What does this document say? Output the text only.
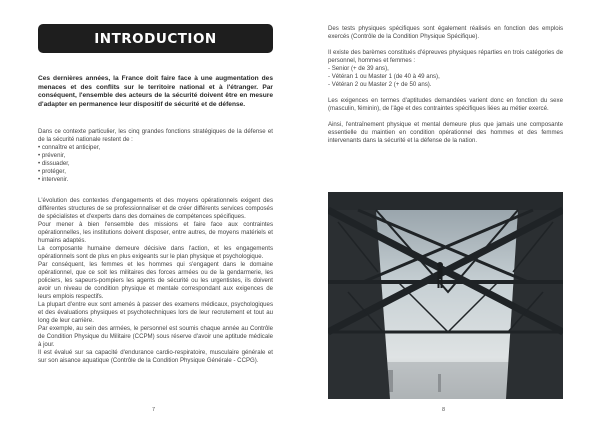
INTRODUCTION

Ces dernières années, la France doit faire face à une augmentation des menaces et des conflits sur le territoire national et à l'étranger. Par conséquent, l'ensemble des acteurs de la sécurité doivent être en mesure d'adapter en permanence leur dispositif de sécurité et de défense.

Dans ce contexte particulier, les cinq grandes fonctions stratégiques de la défense et de la sécurité nationale restent de :

• connaître et anticiper,
• prévenir,
• dissuader,
• protéger,
• intervenir.

L'évolution des contextes d'engagements et des moyens opérationnels exigent des différentes structures de se professionnaliser et de créer différents services composés de spécialistes et d'experts dans des domaines de compétences spécifiques.

Pour mener à bien l'ensemble des missions et faire face aux contraintes opérationnelles, les institutions doivent disposer, entre autres, de moyens matériels et humains adaptés.

La composante humaine demeure décisive dans l'action, et les engagements opérationnels sont de plus en plus exigeants sur le plan physique et psychologique.

Par conséquent, les femmes et les hommes qui s'engagent dans le domaine opérationnel, que ce soit les militaires des forces armées ou de la gendarmerie, les policiers, les sapeurs-pompiers les agents de sécurité ou les urgentistes, ils doivent avoir un niveau de condition physique et mentale correspondant aux exigences de leurs emplois respectifs.

La plupart d'entre eux sont amenés à passer des examens médicaux, psychologiques et des évaluations physiques et psychotechniques lors de leur recrutement et tout au long de leur carrière.

Par exemple, au sein des armées, le personnel est soumis chaque année au Contrôle de Condition Physique du Militaire (CCPM) sous réserve d'avoir une aptitude médicale à jour.

Il est évalué sur sa capacité d'endurance cardio-respiratoire, musculaire générale et sur son aisance aquatique (Contrôle de la Condition Physique Générale - CCPG).

7

Des tests physiques spécifiques sont également réalisés en fonction des emplois exercés (Contrôle de la Condition Physique Spécifique).

Il existe des barèmes constitués d'épreuves physiques réparties en trois catégories de personnel, hommes et femmes :

- Senior (+ de 39 ans),
- Vétéran 1 ou Master 1 (de 40 à 49 ans),
- Vétéran 2 ou Master 2 (+ de 50 ans).

Les exigences en termes d'aptitudes demandées varient donc en fonction du sexe (masculin, féminin), de l'âge et des contraintes spécifiques liées au métier exercé.

Ainsi, l'entraînement physique et mental demeure plus que jamais une composante essentielle du maintien en condition opérationnel des hommes et des femmes intervenants dans la sécurité et la défense de la nation.

8
